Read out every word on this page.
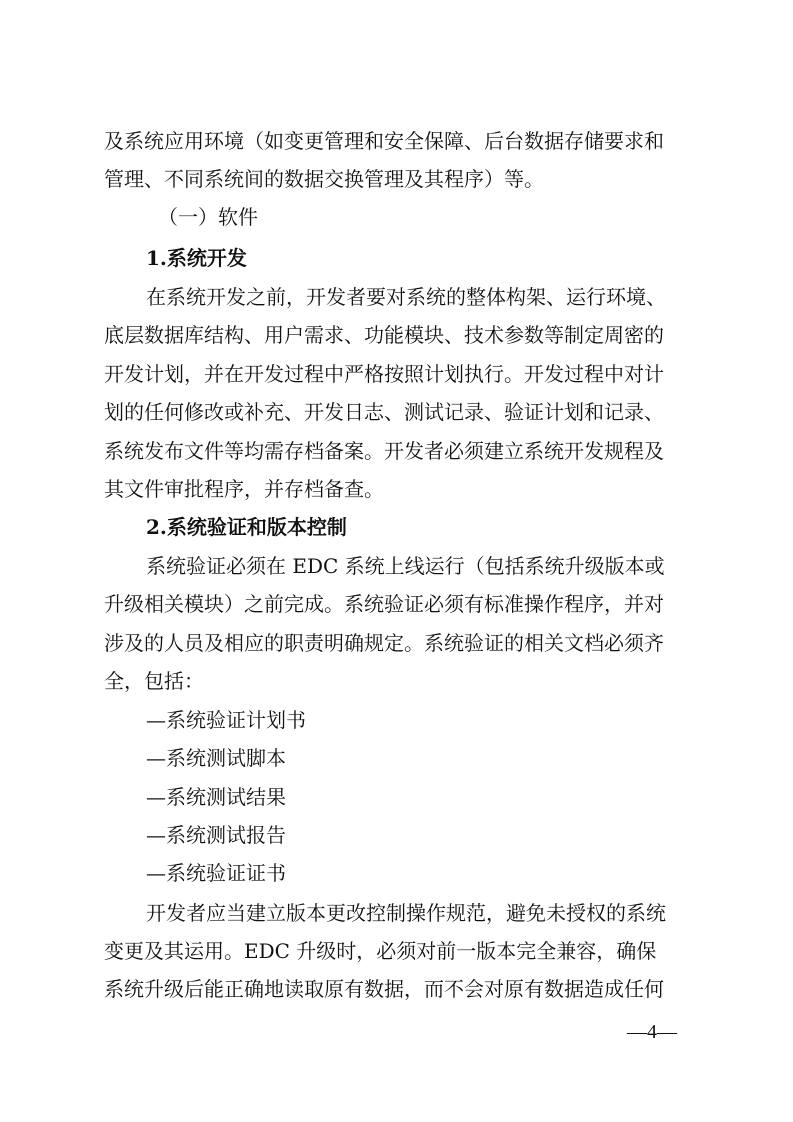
及系统应用环境（如变更管理和安全保障、后台数据存储要求和
管理、不同系统间的数据交换管理及其程序）等。
（一）软件
1.系统开发
在系统开发之前，开发者要对系统的整体构架、运行环境、
底层数据库结构、用户需求、功能模块、技术参数等制定周密的
开发计划，并在开发过程中严格按照计划执行。开发过程中对计
划的任何修改或补充、开发日志、测试记录、验证计划和记录、
系统发布文件等均需存档备案。开发者必须建立系统开发规程及
其文件审批程序，并存档备查。
2.系统验证和版本控制
系统验证必须在 EDC 系统上线运行（包括系统升级版本或
升级相关模块）之前完成。系统验证必须有标准操作程序，并对
涉及的人员及相应的职责明确规定。系统验证的相关文档必须齐
全，包括：
—系统验证计划书
—系统测试脚本
—系统测试结果
—系统测试报告
—系统验证证书
开发者应当建立版本更改控制操作规范，避免未授权的系统
变更及其运用。EDC 升级时，必须对前一版本完全兼容，确保
系统升级后能正确地读取原有数据，而不会对原有数据造成任何
—4—
